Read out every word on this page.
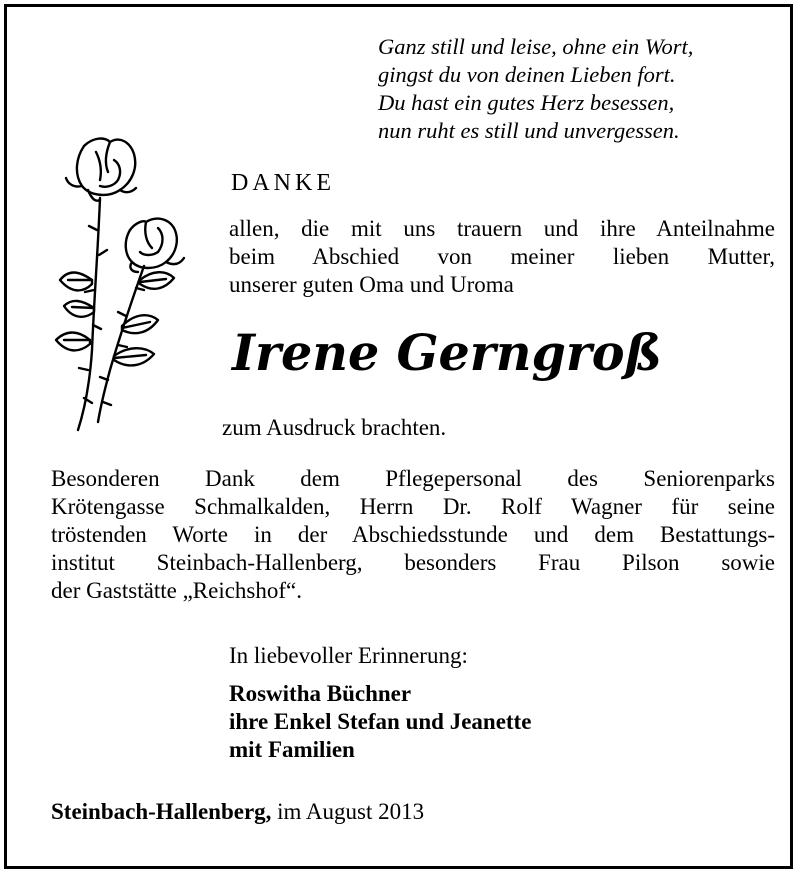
Ganz still und leise, ohne ein Wort,
gingst du von deinen Lieben fort.
Du hast ein gutes Herz besessen,
nun ruht es still und unvergessen.
DANKE
allen, die mit uns trauern und ihre Anteilnahme
beim Abschied von meiner lieben Mutter,
unserer guten Oma und Uroma
Irene Gerngroß
zum Ausdruck brachten.
Besonderen Dank dem Pflegepersonal des Seniorenparks
Krötengasse Schmalkalden, Herrn Dr. Rolf Wagner für seine
tröstenden Worte in der Abschiedsstunde und dem Bestattungs-
institut Steinbach-Hallenberg, besonders Frau Pilson sowie
der Gaststätte „Reichshof“.
In liebevoller Erinnerung:
Roswitha Büchner
ihre Enkel Stefan und Jeanette
mit Familien
Steinbach-Hallenberg, im August 2013
